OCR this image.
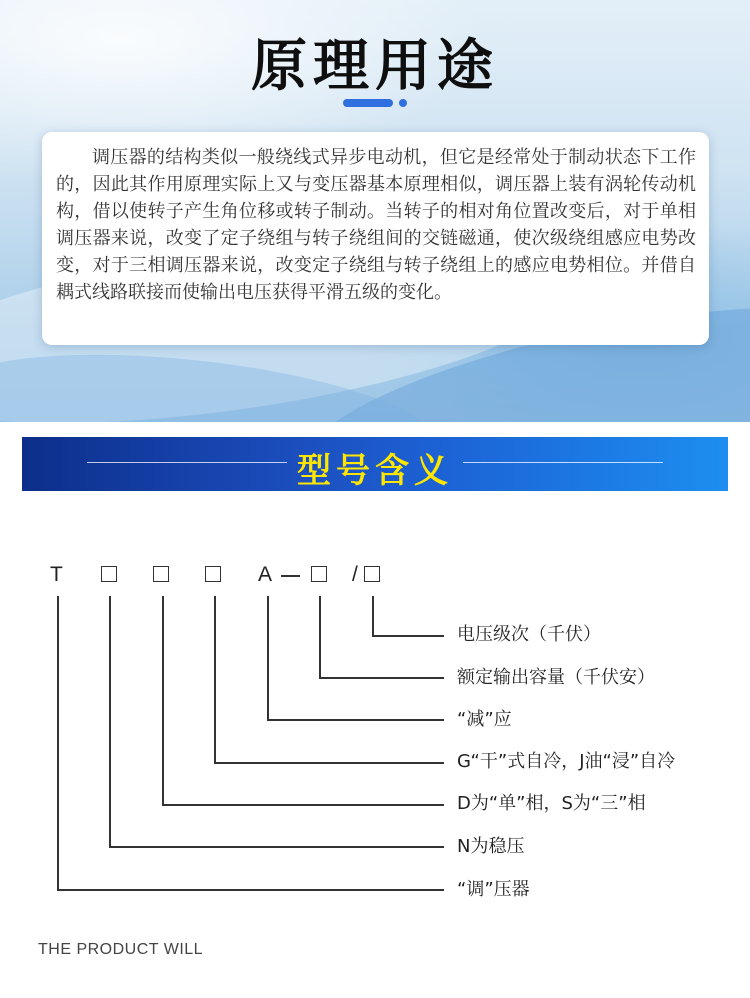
原理用途

调压器的结构类似一般绕线式异步电动机，但它是经常处于制动状态下工作的，因此其作用原理实际上又与变压器基本原理相似，调压器上装有涡轮传动机构，借以使转子产生角位移或转子制动。当转子的相对角位置改变后，对于单相调压器来说，改变了定子绕组与转子绕组间的交链磁通，使次级绕组感应电势改变，对于三相调压器来说，改变定子绕组与转子绕组上的感应电势相位。并借自耦式线路联接而使输出电压获得平滑五级的变化。

型号含义
T	A	/
电压级次（千伏）
额定输出容量（千伏安）
“减”应
G“干”式自冷，J油“浸”自冷
D为“单”相，S为“三”相
N为稳压
“调”压器
THE PRODUCT WILL
